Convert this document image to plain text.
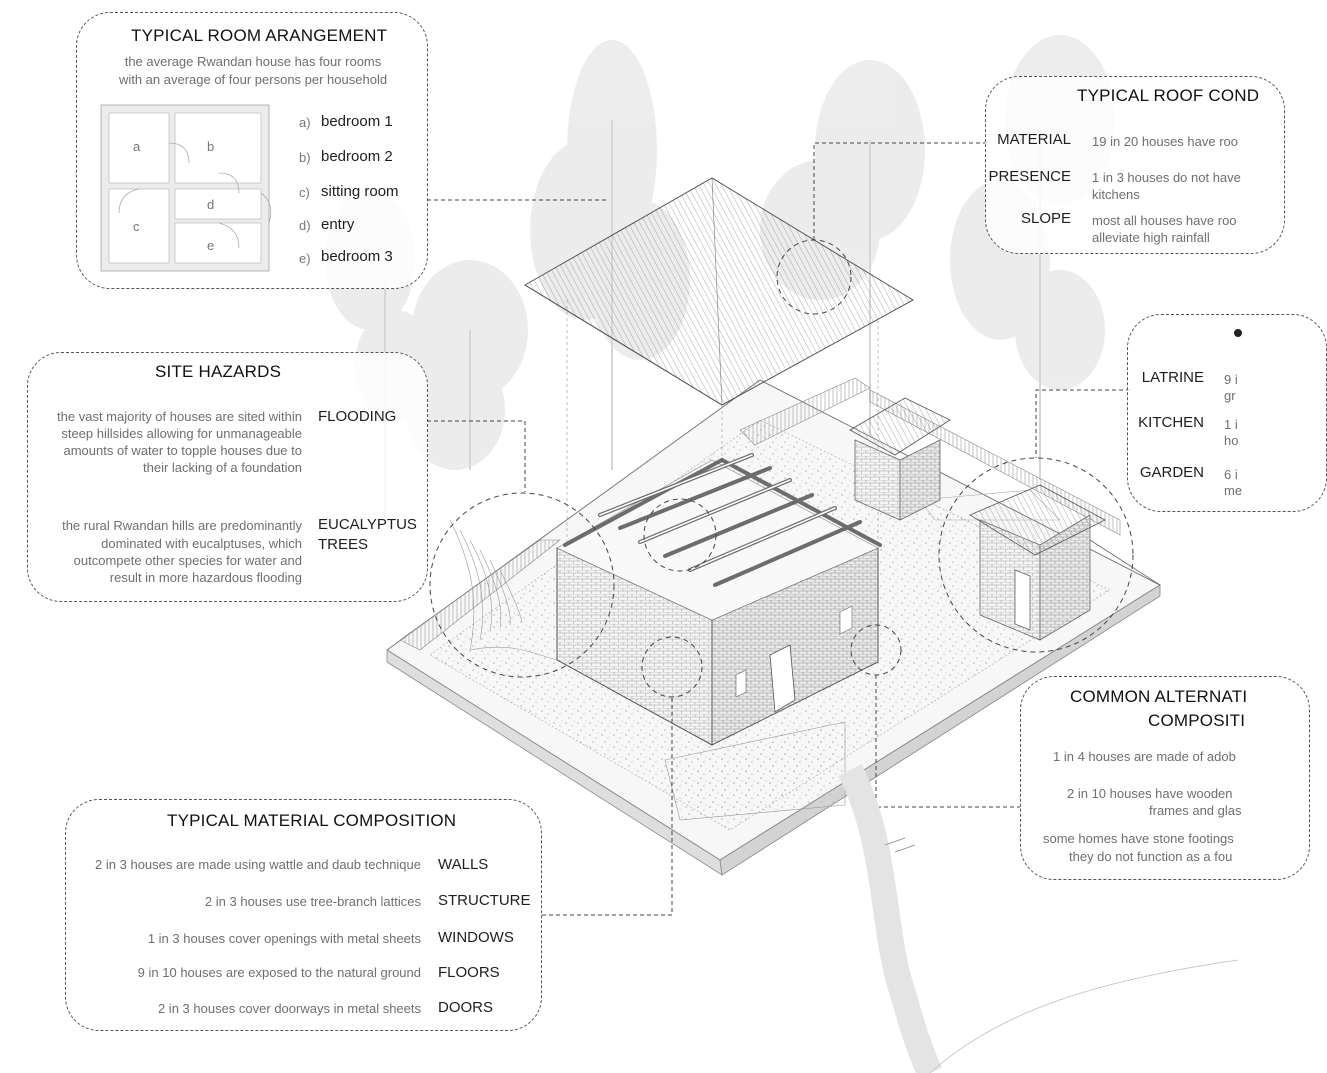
TYPICAL ROOM ARANGEMENT
the average Rwandan house has four rooms
with an average of four persons per household
a	b
c
d
e
a) bedroom 1
b) bedroom 2
c) sitting room
d) entry
e) bedroom 3
SITE HAZARDS
the vast majority of houses are sited within
steep hillsides allowing for unmanageable
amounts of water to topple houses due to
their lacking of a foundation
FLOODING
the rural Rwandan hills are predominantly
dominated with eucalptuses, which
outcompete other species for water and
result in more hazardous flooding
EUCALYPTUS
TREES
TYPICAL ROOF COND
MATERIAL 19 in 20 houses have roo
PRESENCE 1 in 3 houses do not have
kitchens
SLOPE most all houses have roo
alleviate high rainfall
LATRINE 9 i
gr
KITCHEN 1 i
ho
GARDEN 6 i
me
COMMON ALTERNATI
COMPOSITI
1 in 4 houses are made of adob
2 in 10 houses have wooden
frames and glas
some homes have stone footings
they do not function as a fou
TYPICAL MATERIAL COMPOSITION
2 in 3 houses are made using wattle and daub technique WALLS
2 in 3 houses use tree-branch lattices STRUCTURE
1 in 3 houses cover openings with metal sheets WINDOWS
9 in 10 houses are exposed to the natural ground FLOORS
2 in 3 houses cover doorways in metal sheets DOORS
